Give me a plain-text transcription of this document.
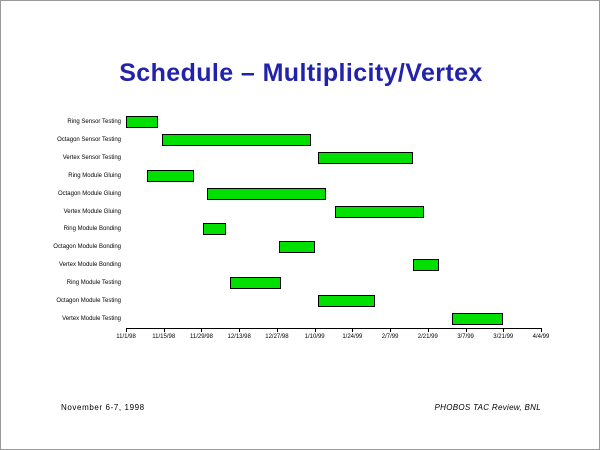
Schedule – Multiplicity/Vertex
11/1/98	11/15/98 11/29/98 12/13/98 12/27/98	1/10/99	1/24/99	2/7/99	2/21/99	3/7/99	3/21/99	4/4/99
Ring Sensor Testing
Octagon Sensor Testing
Vertex Sensor Testing
Ring Module Gluing
Octagon Module Gluing
Vertex Module Gluing
Ring Module Bonding
Octagon Module Bonding
Vertex Module Bonding
Ring Module Testing
Octagon Module Testing
Vertex Module Testing
November 6-7, 1998	PHOBOS TAC Review, BNL
